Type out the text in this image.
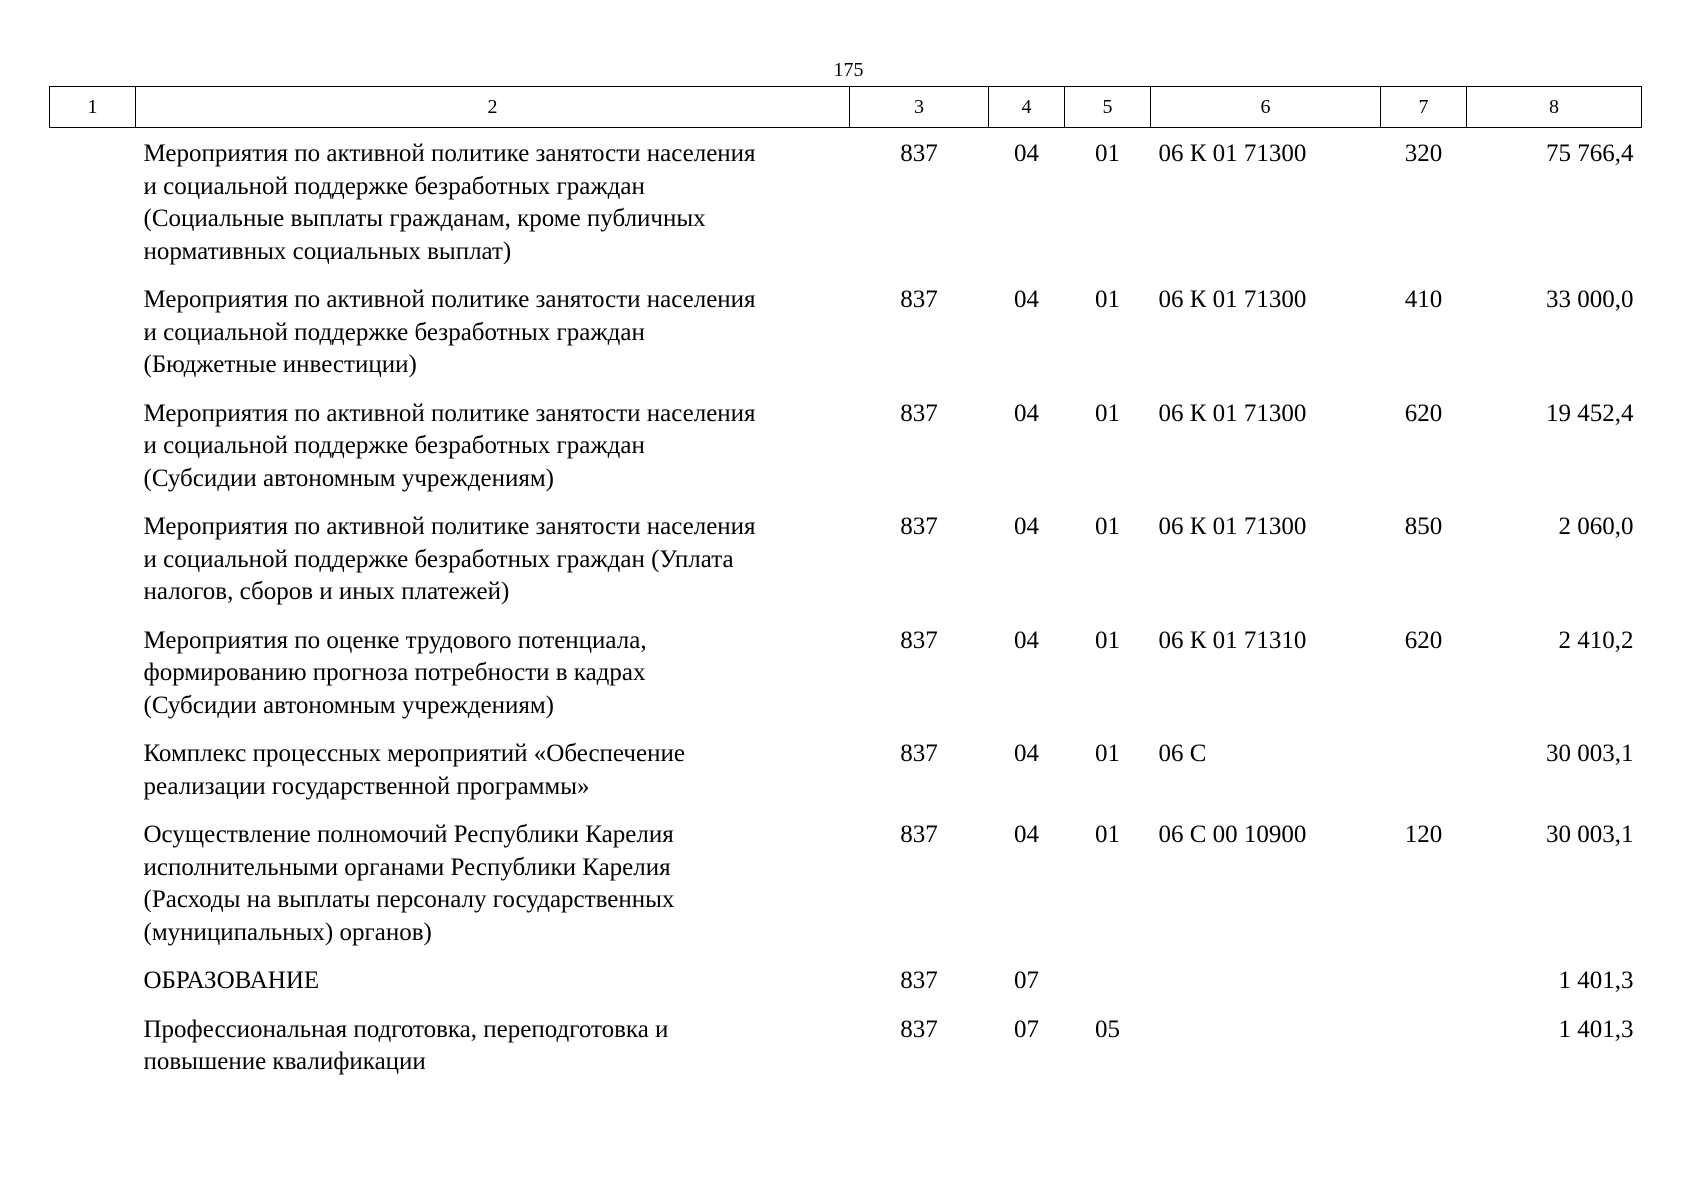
175
1	2	3	4	5	6	7	8

	Мероприятия по активной политике занятости населения
и социальной поддержке безработных граждан
(Социальные выплаты гражданам, кроме публичных
нормативных социальных выплат)	837	04	01	06 К 01 71300	320	75 766,4

	Мероприятия по активной политике занятости населения
и социальной поддержке безработных граждан
(Бюджетные инвестиции)	837	04	01	06 К 01 71300	410	33 000,0

	Мероприятия по активной политике занятости населения
и социальной поддержке безработных граждан
(Субсидии автономным учреждениям)	837	04	01	06 К 01 71300	620	19 452,4

	Мероприятия по активной политике занятости населения
и социальной поддержке безработных граждан (Уплата
налогов, сборов и иных платежей)	837	04	01	06 К 01 71300	850	2 060,0

	Мероприятия по оценке трудового потенциала,
формированию прогноза потребности в кадрах
(Субсидии автономным учреждениям)	837	04	01	06 К 01 71310	620	2 410,2

	Комплекс процессных мероприятий «Обеспечение
реализации государственной программы»	837	04	01	06 С		30 003,1

	Осуществление полномочий Республики Карелия
исполнительными органами Республики Карелия
(Расходы на выплаты персоналу государственных
(муниципальных) органов)	837	04	01	06 С 00 10900	120	30 003,1

	ОБРАЗОВАНИЕ	837	07				1 401,3

	Профессиональная подготовка, переподготовка и
повышение квалификации	837	07	05			1 401,3
